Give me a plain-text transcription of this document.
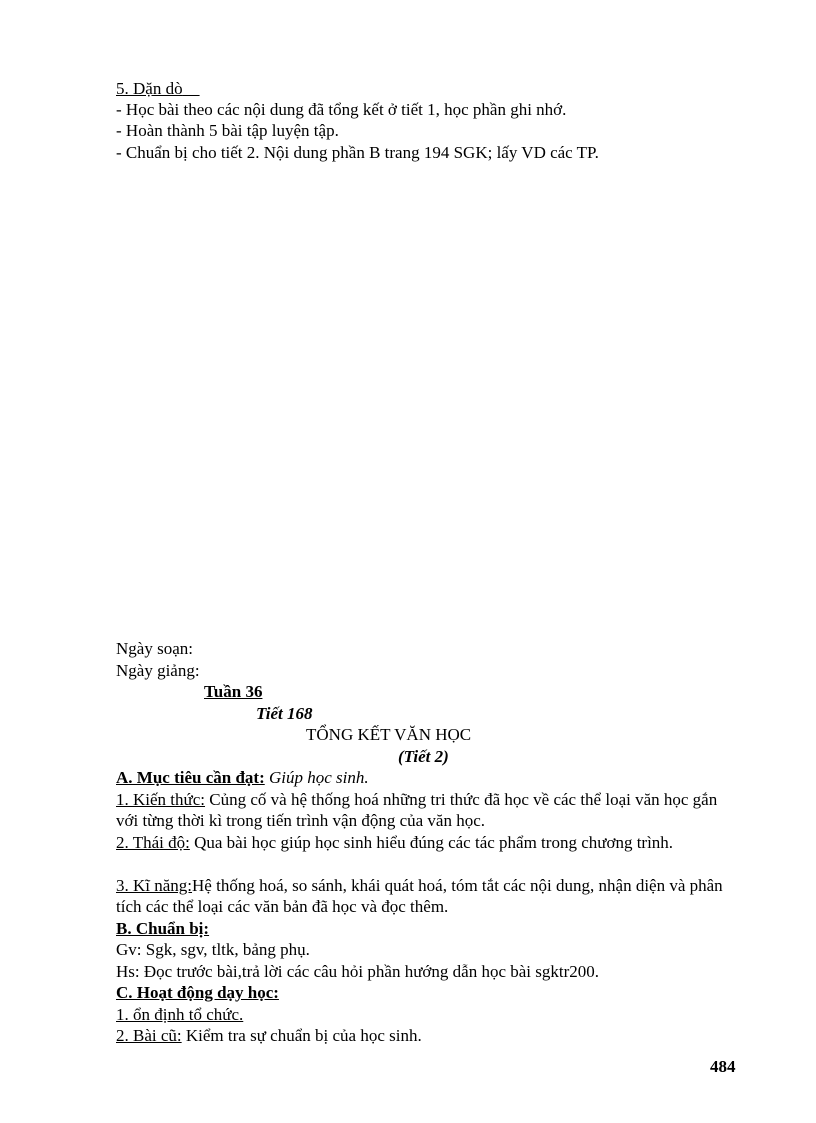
5. Dặn dò
- Học bài theo các nội dung đã tổng kết ở tiết 1, học phần ghi nhớ.
- Hoàn thành 5 bài tập luyện tập.
- Chuẩn bị cho tiết 2. Nội dung phần B trang 194 SGK; lấy VD các TP.
Ngày soạn:
Ngày giảng:
Tuần 36
Tiết 168
TỔNG KẾT VĂN HỌC
(Tiết 2)
A. Mục tiêu cần đạt: Giúp học sinh.
1. Kiến thức: Củng cố và hệ thống hoá những tri thức đã học về các thể loại văn học gắn với từng thời kì trong tiến trình vận động của văn học.
2. Thái độ: Qua bài học giúp học sinh hiểu đúng các tác phẩm trong chương trình.
3. Kĩ năng:Hệ thống hoá, so sánh, khái quát hoá, tóm tắt các nội dung, nhận diện và phân tích các thể loại các văn bản đã học và đọc thêm.
B. Chuẩn bị:
Gv: Sgk, sgv, tltk, bảng phụ.
Hs: Đọc trước bài,trả lời các câu hỏi phần hướng dẫn học bài sgktr200.
C. Hoạt động dạy học:
1. ổn định tổ chức.
2. Bài cũ: Kiểm tra sự chuẩn bị của học sinh.
484
